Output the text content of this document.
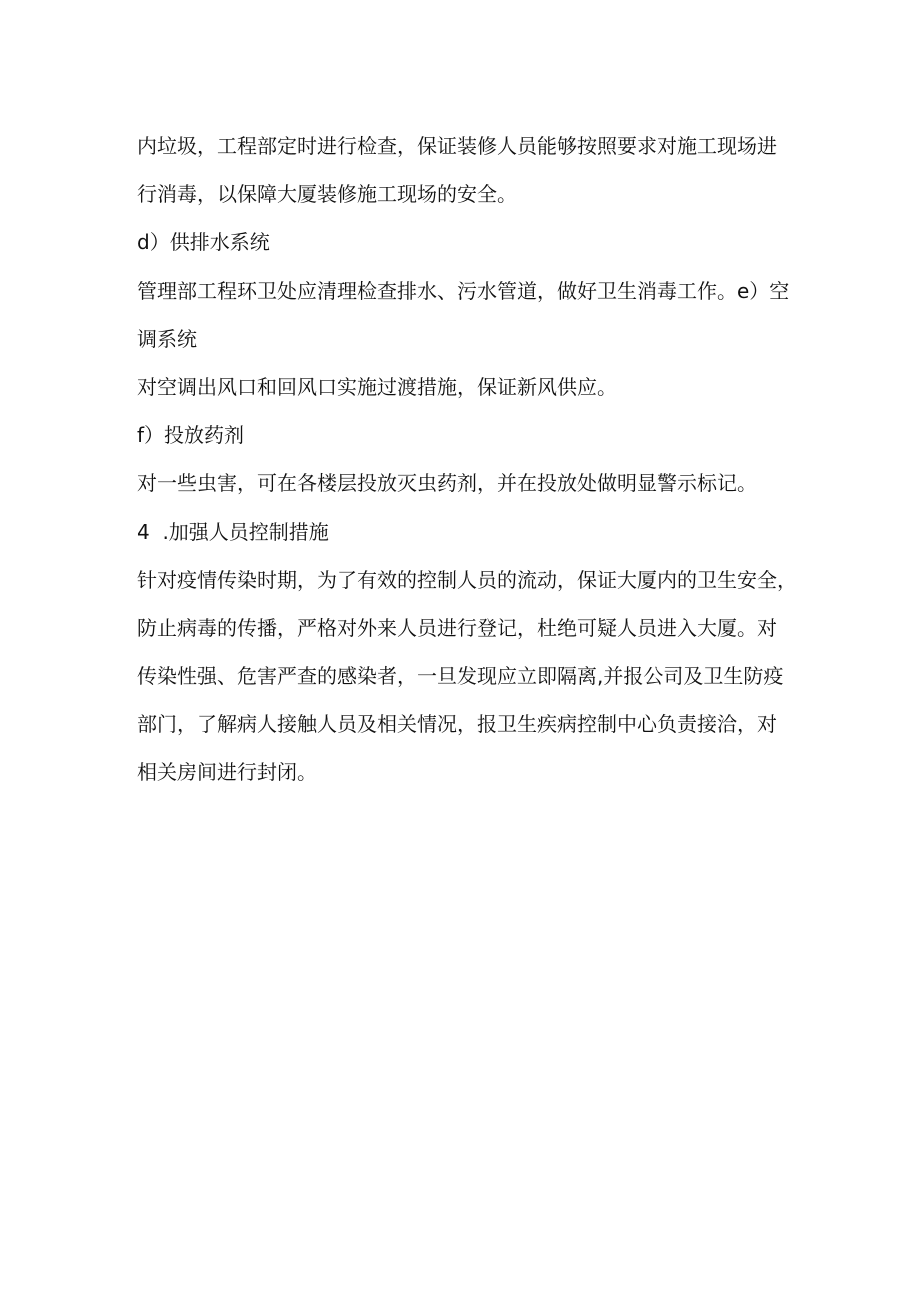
内垃圾，工程部定时进行检查，保证装修人员能够按照要求对施工现场进
行消毒，以保障大厦装修施工现场的安全。
d）供排水系统
管理部工程环卫处应清理检查排水、污水管道，做好卫生消毒工作。e）空
调系统
对空调出风口和回风口实施过渡措施，保证新风供应。
f）投放药剂
对一些虫害，可在各楼层投放灭虫药剂，并在投放处做明显警示标记。
4  .加强人员控制措施
针对疫情传染时期，为了有效的控制人员的流动，保证大厦内的卫生安全，
防止病毒的传播，严格对外来人员进行登记，杜绝可疑人员进入大厦。对
传染性强、危害严查的感染者，一旦发现应立即隔离,并报公司及卫生防疫
部门，了解病人接触人员及相关情况，报卫生疾病控制中心负责接洽，对
相关房间进行封闭。
